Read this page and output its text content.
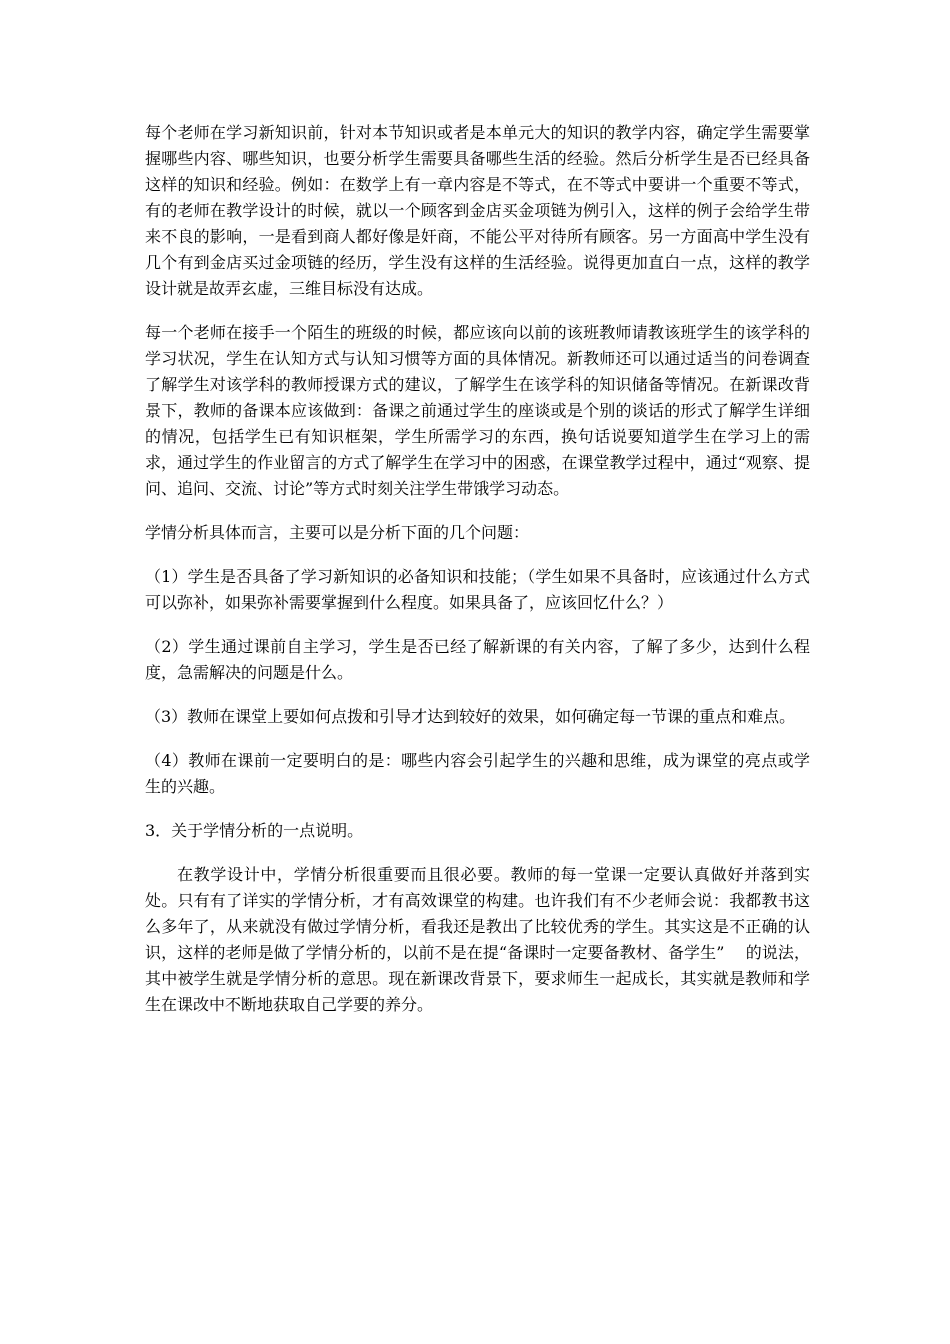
每个老师在学习新知识前，针对本节知识或者是本单元大的知识的教学内容，确定学生需要掌握哪些内容、哪些知识，也要分析学生需要具备哪些生活的经验。然后分析学生是否已经具备这样的知识和经验。例如：在数学上有一章内容是不等式，在不等式中要讲一个重要不等式，有的老师在教学设计的时候，就以一个顾客到金店买金项链为例引入，这样的例子会给学生带来不良的影响，一是看到商人都好像是奸商，不能公平对待所有顾客。另一方面高中学生没有几个有到金店买过金项链的经历，学生没有这样的生活经验。说得更加直白一点，这样的教学设计就是故弄玄虚，三维目标没有达成。

每一个老师在接手一个陌生的班级的时候，都应该向以前的该班教师请教该班学生的该学科的学习状况，学生在认知方式与认知习惯等方面的具体情况。新教师还可以通过适当的问卷调查了解学生对该学科的教师授课方式的建议，了解学生在该学科的知识储备等情况。在新课改背景下，教师的备课本应该做到：备课之前通过学生的座谈或是个别的谈话的形式了解学生详细的情况，包括学生已有知识框架，学生所需学习的东西，换句话说要知道学生在学习上的需求，通过学生的作业留言的方式了解学生在学习中的困惑，在课堂教学过程中，通过“观察、提问、追问、交流、讨论”等方式时刻关注学生带饿学习动态。

学情分析具体而言，主要可以是分析下面的几个问题：

（1）学生是否具备了学习新知识的必备知识和技能；（学生如果不具备时，应该通过什么方式可以弥补，如果弥补需要掌握到什么程度。如果具备了，应该回忆什么？）

（2）学生通过课前自主学习，学生是否已经了解新课的有关内容，了解了多少，达到什么程度，急需解决的问题是什么。

（3）教师在课堂上要如何点拨和引导才达到较好的效果，如何确定每一节课的重点和难点。

（4）教师在课前一定要明白的是：哪些内容会引起学生的兴趣和思维，成为课堂的亮点或学生的兴趣。

3．关于学情分析的一点说明。

在教学设计中，学情分析很重要而且很必要。教师的每一堂课一定要认真做好并落到实处。只有有了详实的学情分析，才有高效课堂的构建。也许我们有不少老师会说：我都教书这么多年了，从来就没有做过学情分析，看我还是教出了比较优秀的学生。其实这是不正确的认识，这样的老师是做了学情分析的，以前不是在提“备课时一定要备教材、备学生”　 的说法，其中被学生就是学情分析的意思。现在新课改背景下，要求师生一起成长，其实就是教师和学生在课改中不断地获取自己学要的养分。
